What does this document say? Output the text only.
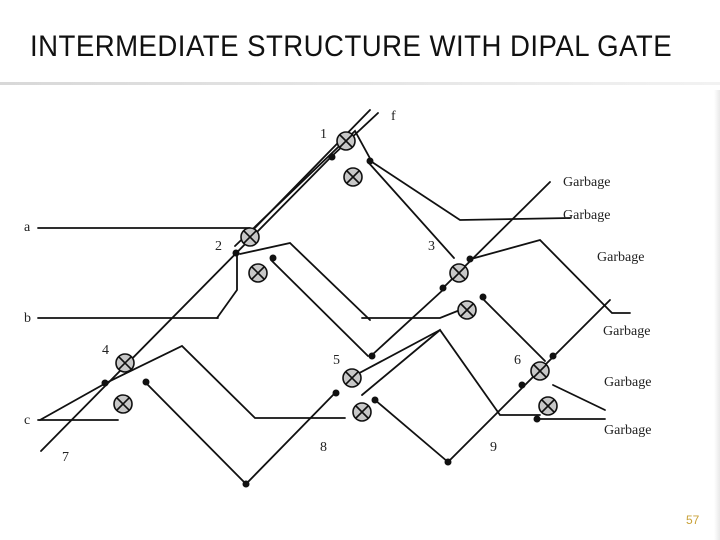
INTERMEDIATE STRUCTURE WITH DIPAL GATE
f
a
b
c
1
2	3
4
5	6
7
8	9
Garbage
Garbage
Garbage
Garbage
Garbage
Garbage
57
